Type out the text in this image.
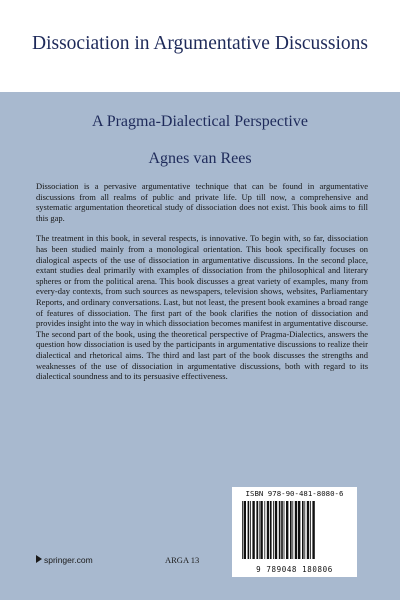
Dissociation in Argumentative Discussions
A Pragma-Dialectical Perspective
Agnes van Rees

Dissociation is a pervasive argumentative technique that can be found in argumentative discussions from all realms of public and private life. Up till now, a comprehensive and systematic argumentation theoretical study of dissociation does not exist. This book aims to fill this gap.

The treatment in this book, in several respects, is innovative. To begin with, so far, dissociation has been studied mainly from a monological orientation. This book specifically focuses on dialogical aspects of the use of dissociation in argumentative discussions. In the second place, extant studies deal primarily with examples of dissociation from the philosophical and literary spheres or from the political arena. This book discusses a great variety of examples, many from every-day contexts, from such sources as newspapers, television shows, websites, Parliamentary Reports, and ordinary conversations. Last, but not least, the present book examines a broad range of features of dissociation. The first part of the book clarifies the notion of dissociation and provides insight into the way in which dissociation becomes manifest in argumentative discourse. The second part of the book, using the theoretical perspective of Pragma-Dialectics, answers the question how dissociation is used by the participants in argumentative discussions to realize their dialectical and rhetorical aims. The third and last part of the book discusses the strengths and weaknesses of the use of dissociation in argumentative discussions, both with regard to its dialectical soundness and to its persuasive effectiveness.

ISBN 978-90-481-8080-6
9 789048 180806
springer.com	ARGA 13
